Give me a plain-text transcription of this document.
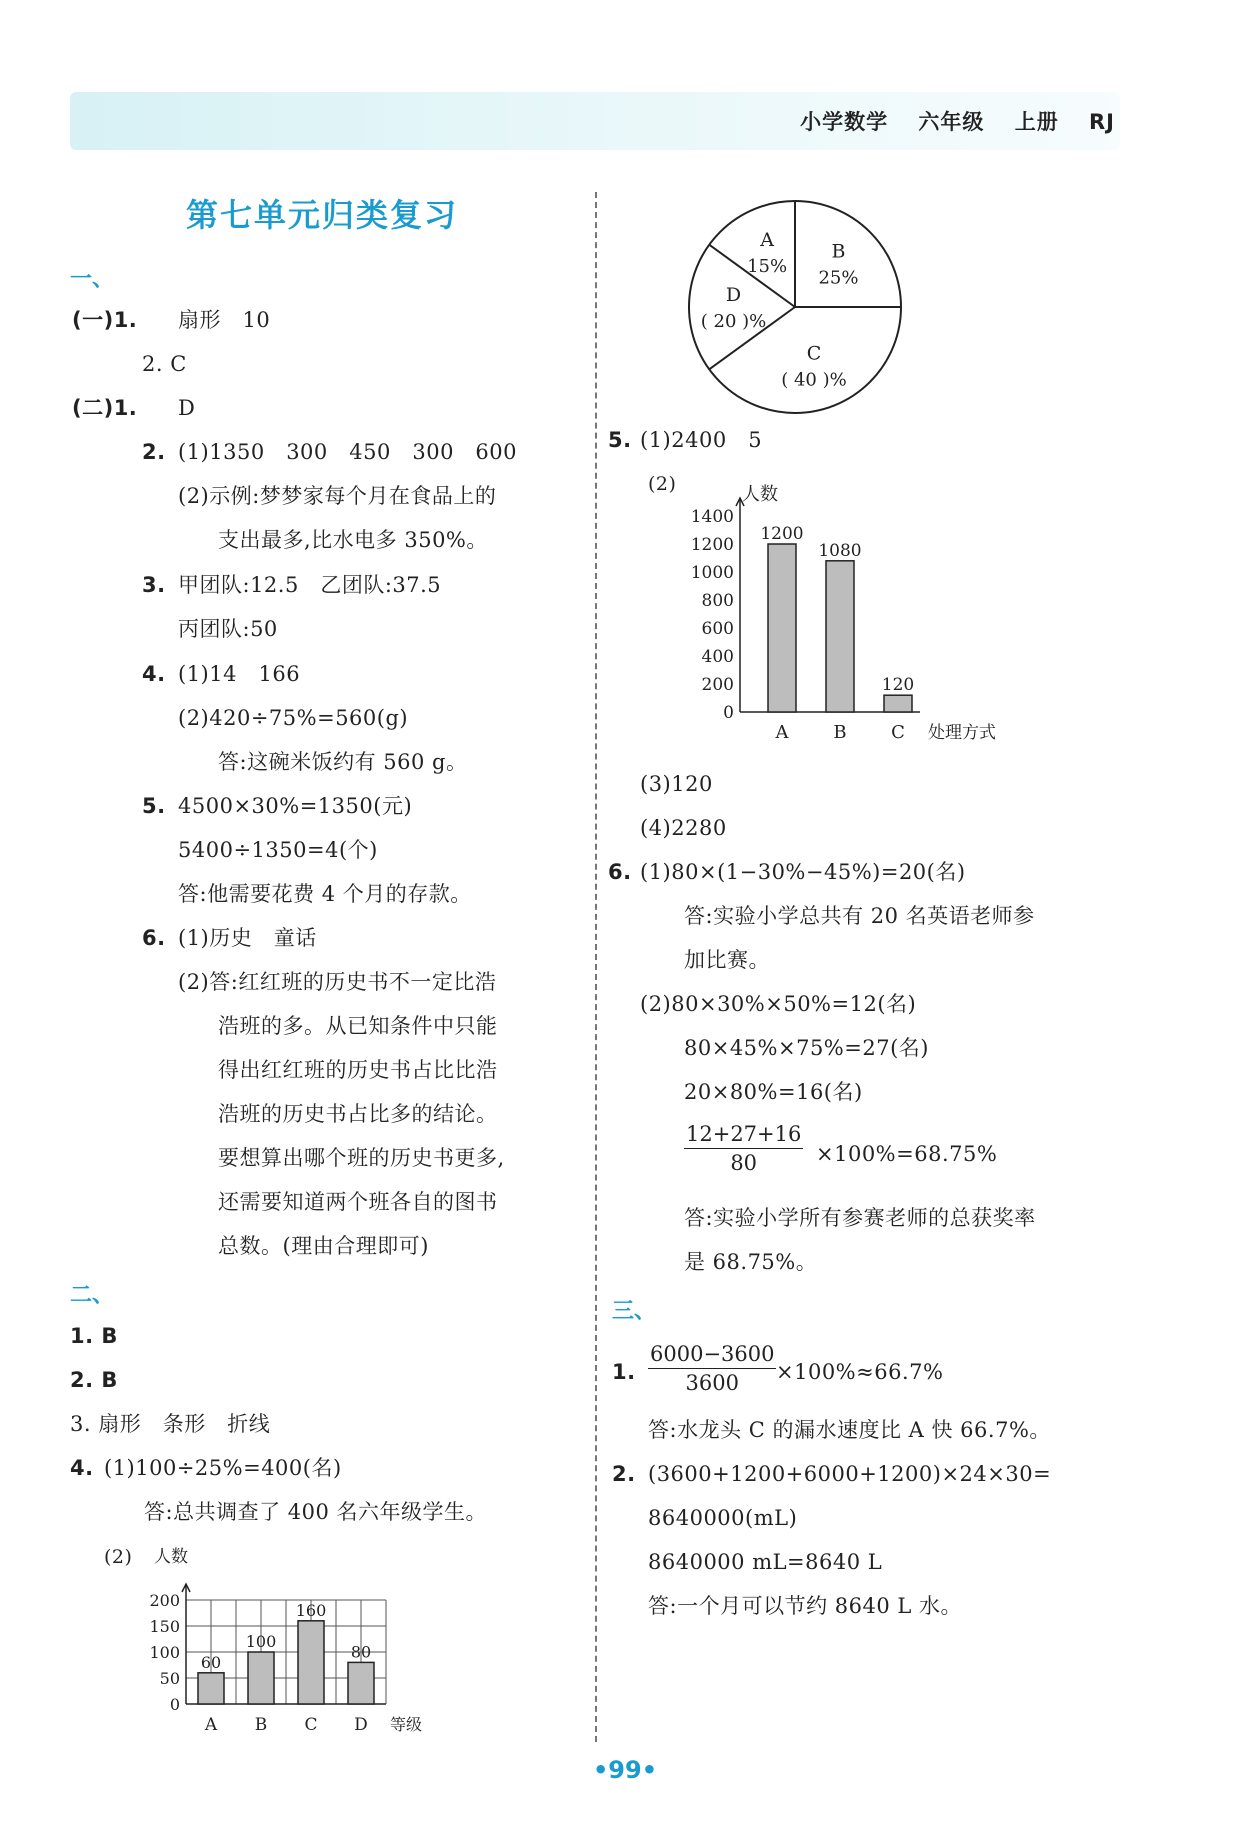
小学数学 六年级 上册 RJ
第七单元归类复习
一、
(一)1. 扇形　10
2. C
(二)1. D
2. (1)1350　300　450　300　600
(2)示例:梦梦家每个月在食品上的
支出最多,比水电多 350%。
3. 甲团队:12.5　乙团队:37.5
丙团队:50
4. (1)14　166
(2)420÷75%=560(g)
答:这碗米饭约有 560 g。
5. 4500×30%=1350(元)
5400÷1350=4(个)
答:他需要花费 4 个月的存款。
6. (1)历史　童话
(2)答:红红班的历史书不一定比浩
浩班的多。从已知条件中只能
得出红红班的历史书占比比浩
浩班的历史书占比多的结论。
要想算出哪个班的历史书更多,
还需要知道两个班各自的图书
总数。(理由合理即可)
二、
1. B
2. B
3. 扇形　条形　折线
4. (1)100÷25%=400(名)
答:总共调查了 400 名六年级学生。
(2)
0
50
100
150
200
60
A
100
B
160
C
80
D
人数
等级
A
15%
B
25%
C
( 40 )%
D
( 20 )%
5. (1)2400　5
(2)
0
200
400
600
800
1000
1200
1400
1200
A
1080
B
120
C
人数
处理方式
(3)120
(4)2280
6. (1)80×(1−30%−45%)=20(名)
答:实验小学总共有 20 名英语老师参
加比赛。
(2)80×30%×50%=12(名)
80×45%×75%=27(名)
20×80%=16(名)
$\frac{12+27+16}{80} \times 100\%=68.75\%$
答:实验小学所有参赛老师的总获奖率
是 68.75%。
三、
1. $\frac{6000-3600}{3600} \times 100\%\approx 66.7\%$
答:水龙头 C 的漏水速度比 A 快 66.7%。
2. (3600+1200+6000+1200)×24×30=
8640000(mL)
8640000 mL=8640 L
答:一个月可以节约 8640 L 水。
•99•
